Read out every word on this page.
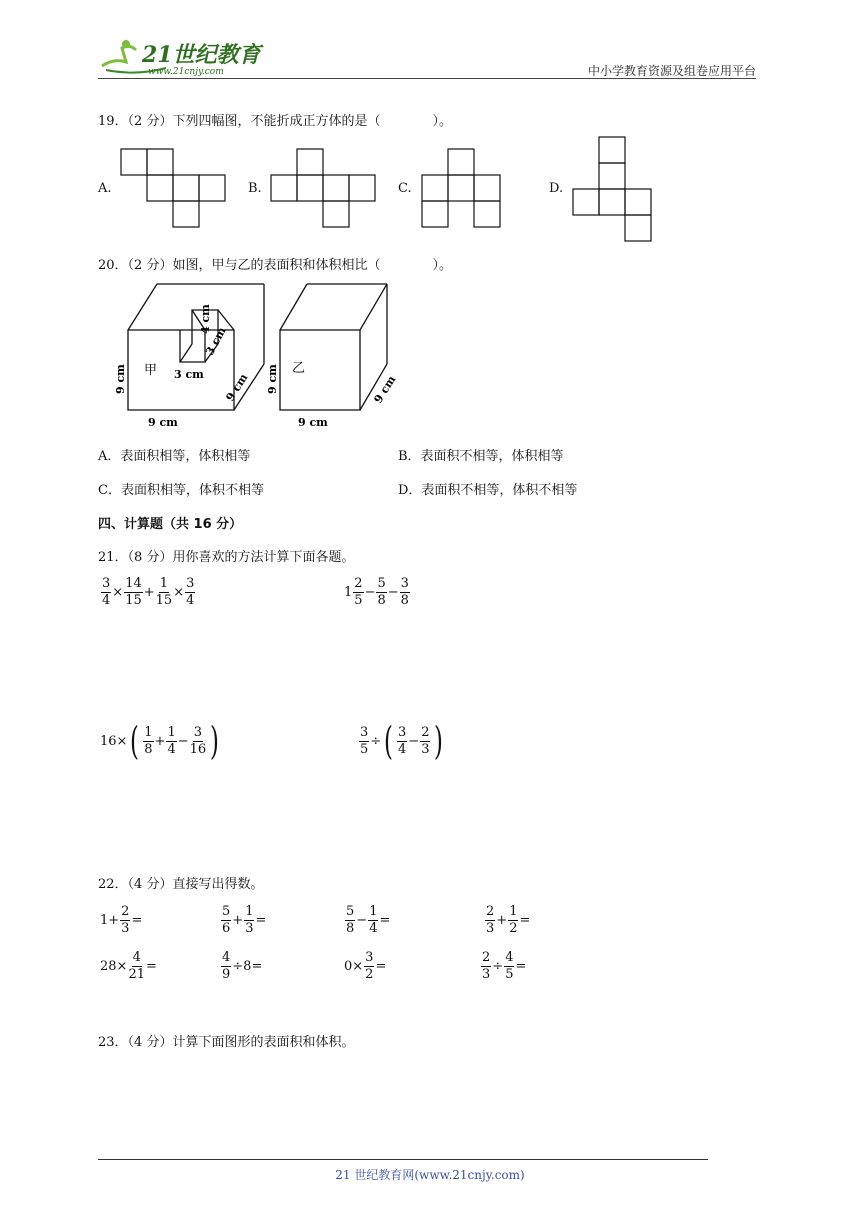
21世纪教育
www.21cnjy.com	中小学教育资源及组卷应用平台
19．（2 分）下列四幅图，不能折成正方体的是（　　　　）。
A.	B.	C.	D.
20．（2 分）如图，甲与乙的表面积和体积相比（　　　　）。
甲	乙
3 cm
3 cm
4 cm
9 cm
9 cm
9 cm 9 cm
9 cm
9 cm
A．表面积相等，体积相等	B．表面积不相等，体积相等
C．表面积相等，体积不相等	D．表面积不相等，体积不相等
四、计算题（共 16 分）
21．（8 分）用你喜欢的方法计算下面各题。
$\frac{3}{4} \times \frac{14}{15} + \frac{1}{15} \times \frac{3}{4}$	$1 \frac{2}{5} - \frac{5}{8} - \frac{3}{8}$
16× ( $\frac{1}{8} + \frac{1}{4} - \frac{3}{16}$ )	$\frac{3}{5}$ ÷ ( $\frac{3}{4} - \frac{2}{3}$ )
22．（4 分）直接写出得数。
$1+ \frac{2}{3}$ =	$\frac{5}{6} + \frac{1}{3}$ =	$\frac{5}{8} - \frac{1}{4}$ =	$\frac{2}{3} + \frac{1}{2}$ =
$28\times \frac{4}{21}$ =	$\frac{4}{9} \div 8=$	$0\times \frac{3}{2}$ =	$\frac{2}{3} \div \frac{4}{5}$ =
23．（4 分）计算下面图形的表面积和体积。
21 世纪教育网(www.21cnjy.com)
